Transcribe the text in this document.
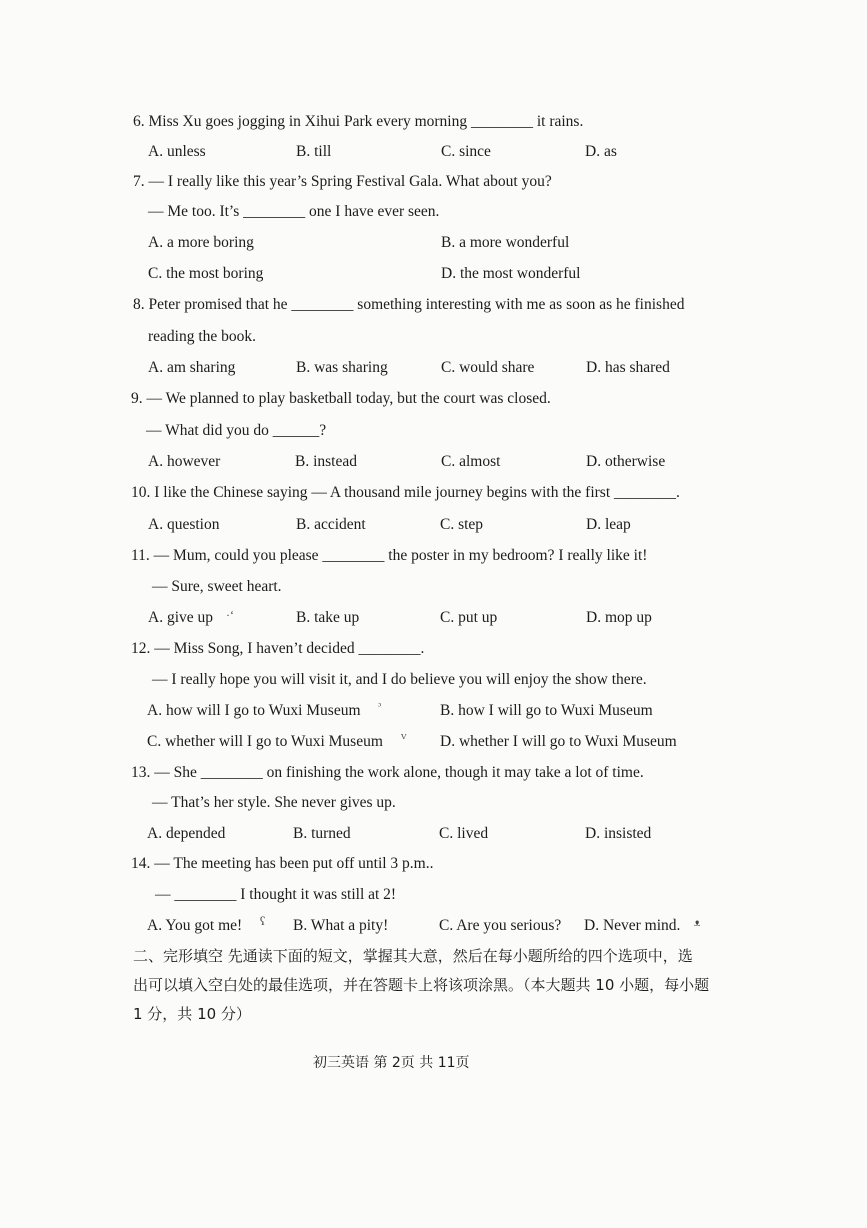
6. Miss Xu goes jogging in Xihui Park every morning ________ it rains.
A. unless	B. till	C. since	D. as
7. — I really like this year’s Spring Festival Gala. What about you?
— Me too. It’s ________ one I have ever seen.
A. a more boring	B. a more wonderful
C. the most boring	D. the most wonderful
8. Peter promised that he ________ something interesting with me as soon as he finished
reading the book.
A. am sharing	B. was sharing	C. would share	D. has shared
9. — We planned to play basketball today, but the court was closed.
— What did you do ______?
A. however	B. instead	C. almost	D. otherwise
10. I like the Chinese saying — A thousand mile journey begins with the first ________.
A. question	B. accident	C. step	D. leap
11. — Mum, could you please ________ the poster in my bedroom? I really like it!
— Sure, sweet heart.
A. give up ·‘	B. take up	C. put up	D. mop up
12. — Miss Song, I haven’t decided ________.
— I really hope you will visit it, and I do believe you will enjoy the show there.
A. how will I go to Wuxi Museum ᵓ	B. how I will go to Wuxi Museum
C. whether will I go to Wuxi Museum ⱽ D. whether I will go to Wuxi Museum
13. — She ________ on finishing the work alone, though it may take a lot of time.
— That’s her style. She never gives up.
A. depended	B. turned	C. lived	D. insisted
14. — The meeting has been put off until 3 p.m..
— ________ I thought it was still at 2!
A. You got me! ʕ B. What a pity!	C. Are you serious? D. Never mind. ᴥ
二、完形填空 先通读下面的短文，掌握其大意，然后在每小题所给的四个选项中，选
出可以填入空白处的最佳选项，并在答题卡上将该项涂黑。（本大题共 10 小题，每小题
1 分，共 10 分）
初三英语 第 2页 共 11页
